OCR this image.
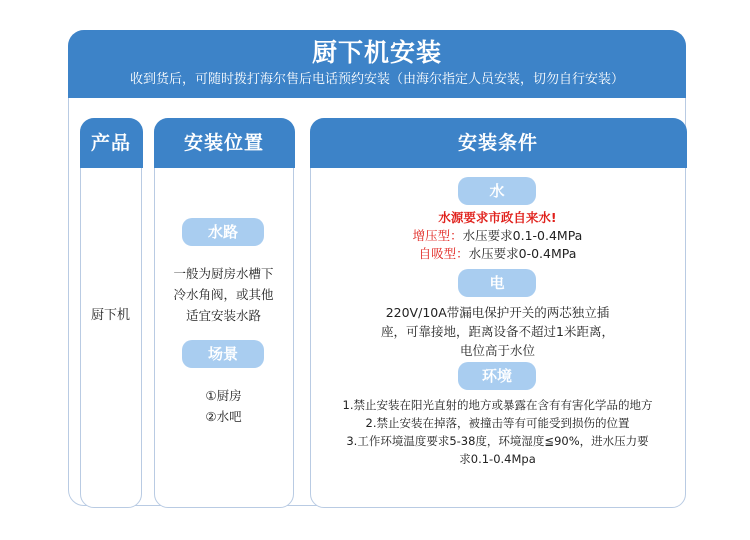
厨下机安装
收到货后，可随时拨打海尔售后电话预约安装（由海尔指定人员安装，切勿自行安装）
产品
厨下机
安装位置
水路
一般为厨房水槽下
冷水角阀，或其他
适宜安装水路
场景
①厨房
②水吧
安装条件
水
水源要求市政自来水!
增压型：水压要求0.1-0.4MPa
自吸型：水压要求0-0.4MPa
电
220V/10A带漏电保护开关的两芯独立插
座，可靠接地，距离设备不超过1米距离，
电位高于水位
环境
1.禁止安装在阳光直射的地方或暴露在含有有害化学品的地方
2.禁止安装在掉落，被撞击等有可能受到损伤的位置
3.工作环境温度要求5-38度，环境湿度≦90%，进水压力要
求0.1-0.4Mpa
